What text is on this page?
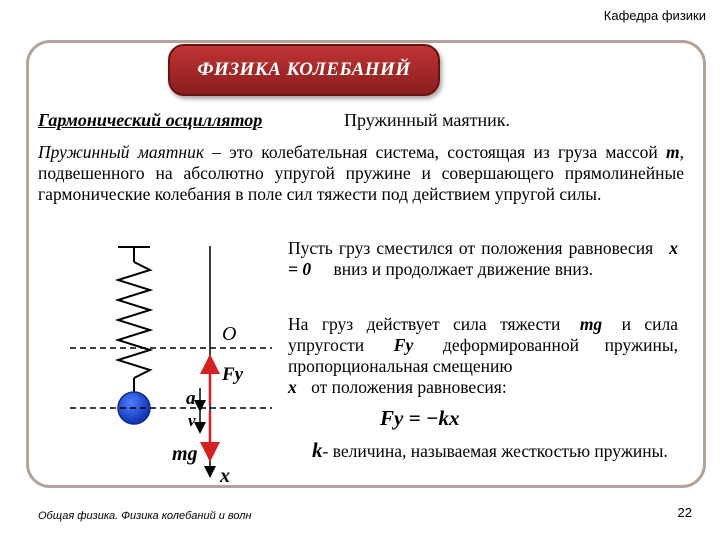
Кафедра физики
ФИЗИКА КОЛЕБАНИЙ
Гармонический осциллятор	Пружинный маятник.
Пружинный маятник – это колебательная система, состоящая из груза массой m, подвешенного на абсолютно упругой пружине и совершающего прямолинейные гармонические колебания в поле сил тяжести под действием упругой силы.
Пусть груз сместился от положения равновесия x = 0 вниз и продолжает движение вниз.
На груз действует сила тяжести mg и сила упругости Fy деформированной пружины, пропорциональная смещению
x от положения равновесия:
Fy = −kx
k- величина, называемая жесткостью пружины.
O
Fy
a
v
mg
x
Общая физика. Физика колебаний и волн	22
